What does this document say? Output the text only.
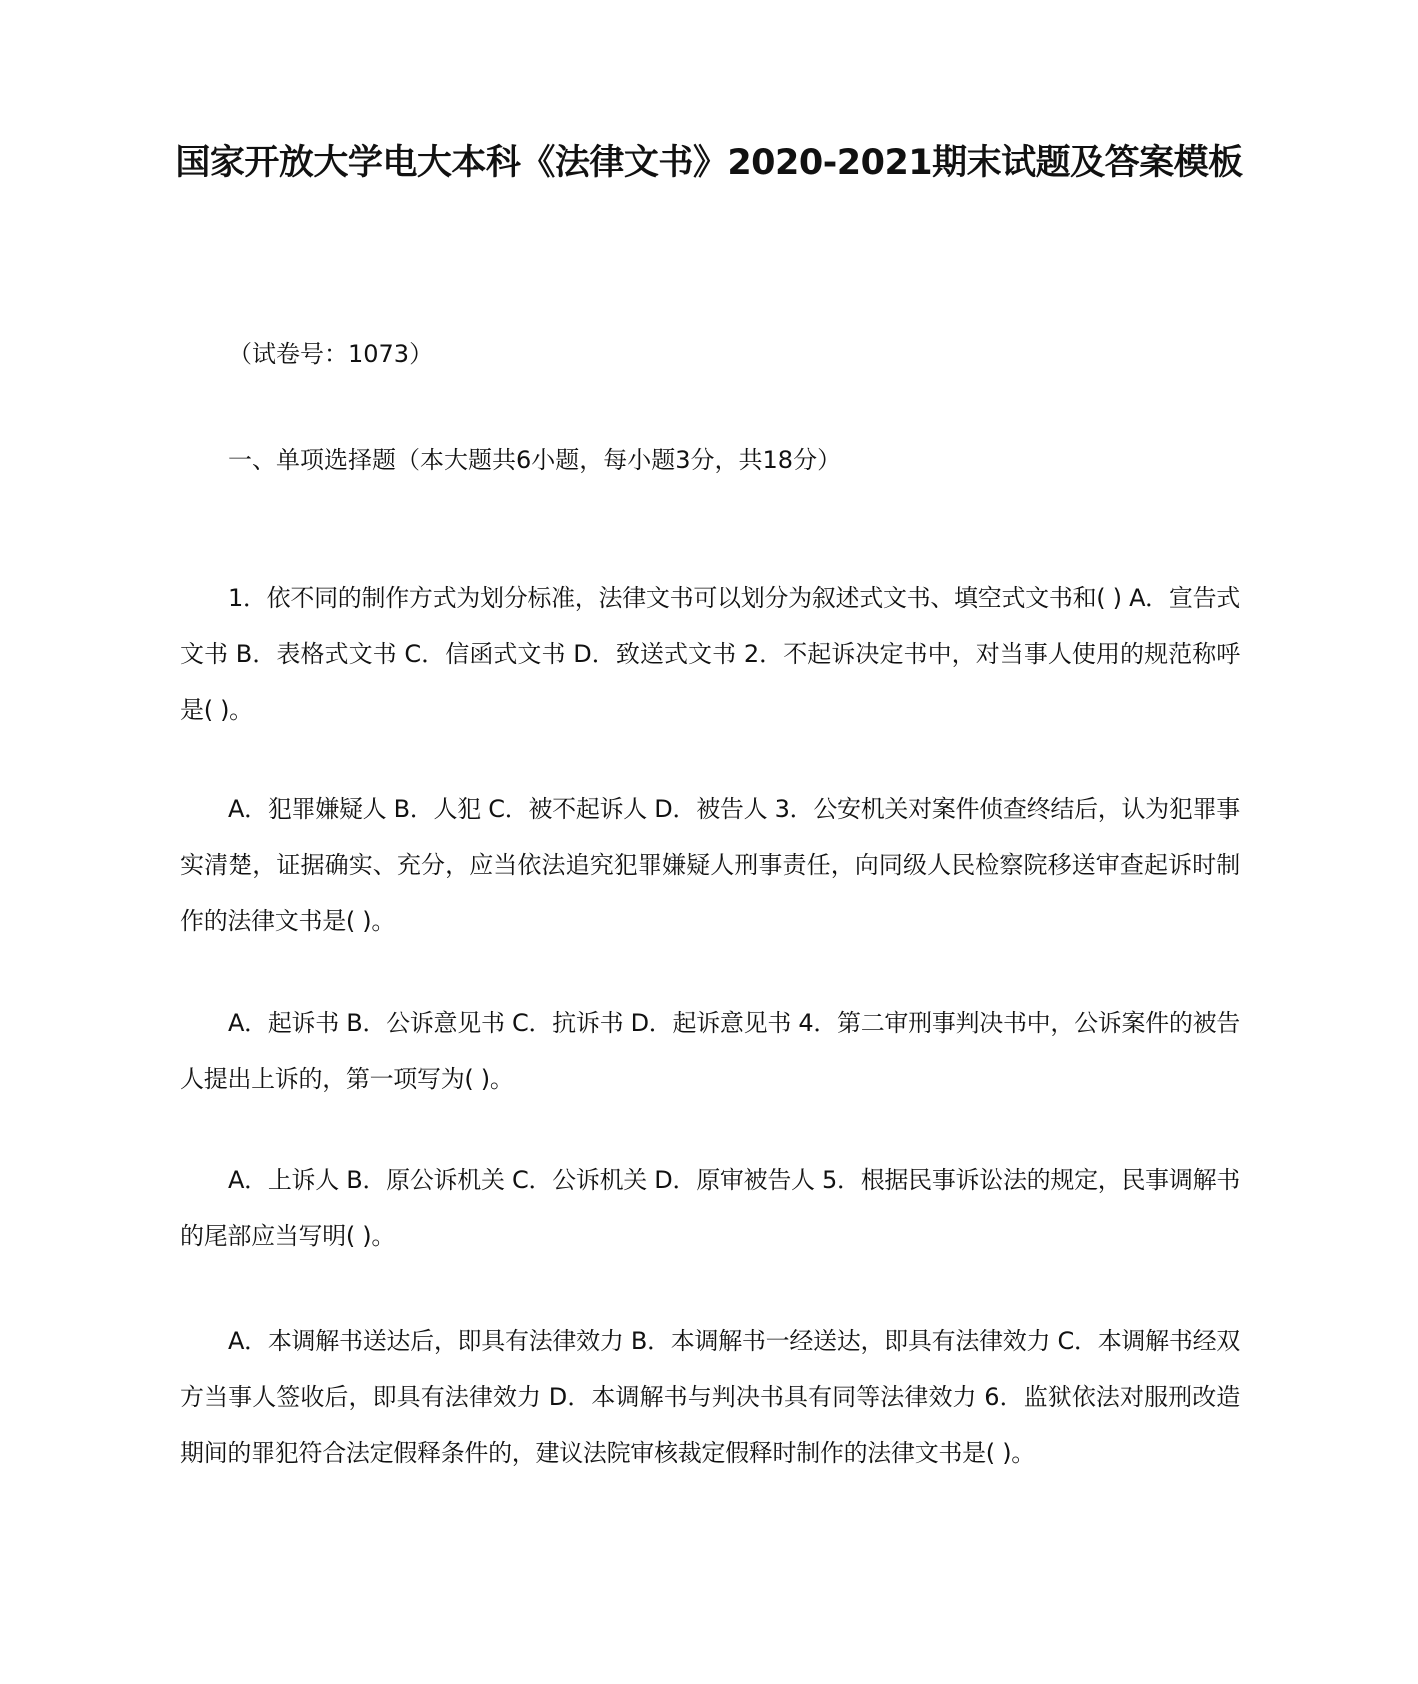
国家开放大学电大本科《法律文书》2020-2021期末试题及答案模板
（试卷号：1073）
一、单项选择题（本大题共6小题，每小题3分，共18分）

1．依不同的制作方式为划分标准，法律文书可以划分为叙述式文书、填空式文书和( ) A．宣告式文书 B．表格式文书 C．信函式文书 D．致送式文书 2．不起诉决定书中，对当事人使用的规范称呼是( )。

A．犯罪嫌疑人 B．人犯 C．被不起诉人 D．被告人 3．公安机关对案件侦查终结后，认为犯罪事实清楚，证据确实、充分，应当依法追究犯罪嫌疑人刑事责任，向同级人民检察院移送审查起诉时制作的法律文书是( )。

A．起诉书 B．公诉意见书 C．抗诉书 D．起诉意见书 4．第二审刑事判决书中，公诉案件的被告人提出上诉的，第一项写为( )。

A．上诉人 B．原公诉机关 C．公诉机关 D．原审被告人 5．根据民事诉讼法的规定，民事调解书的尾部应当写明( )。

A．本调解书送达后，即具有法律效力 B．本调解书一经送达，即具有法律效力 C．本调解书经双方当事人签收后，即具有法律效力 D．本调解书与判决书具有同等法律效力 6．监狱依法对服刑改造期间的罪犯符合法定假释条件的，建议法院审核裁定假释时制作的法律文书是( )。
